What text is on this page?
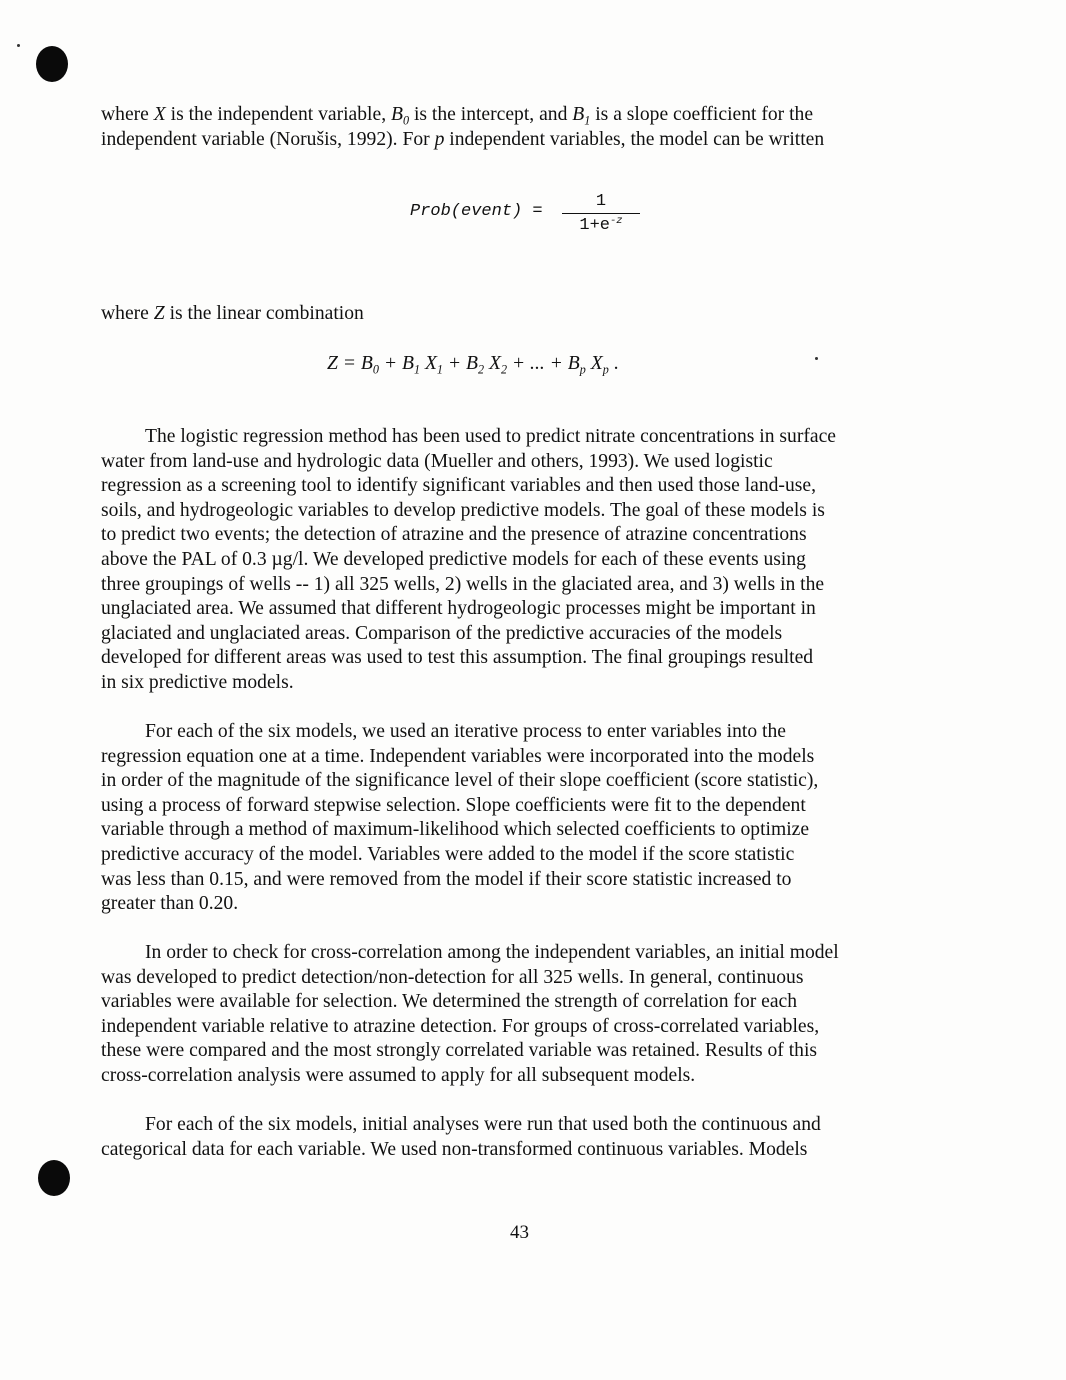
where X is the independent variable, $B_0$ is the intercept, and $B_1$ is a slope coefficient for the
independent variable (Norušis, 1992). For p independent variables, the model can be written

Prob(event) =
1
$1+e^{-z}$

where Z is the linear combination

$Z = B_0 + B_1$ $X_1 + B_2$ $X_2$ + ... + $B_p$ $X_p$ .

The logistic regression method has been used to predict nitrate concentrations in surface
water from land-use and hydrologic data (Mueller and others, 1993). We used logistic
regression as a screening tool to identify significant variables and then used those land-use,
soils, and hydrogeologic variables to develop predictive models. The goal of these models is
to predict two events; the detection of atrazine and the presence of atrazine concentrations
above the PAL of 0.3 µg/l. We developed predictive models for each of these events using
three groupings of wells -- 1) all 325 wells, 2) wells in the glaciated area, and 3) wells in the
unglaciated area. We assumed that different hydrogeologic processes might be important in
glaciated and unglaciated areas. Comparison of the predictive accuracies of the models
developed for different areas was used to test this assumption. The final groupings resulted
in six predictive models.

For each of the six models, we used an iterative process to enter variables into the
regression equation one at a time. Independent variables were incorporated into the models
in order of the magnitude of the significance level of their slope coefficient (score statistic),
using a process of forward stepwise selection. Slope coefficients were fit to the dependent
variable through a method of maximum-likelihood which selected coefficients to optimize
predictive accuracy of the model. Variables were added to the model if the score statistic
was less than 0.15, and were removed from the model if their score statistic increased to
greater than 0.20.

In order to check for cross-correlation among the independent variables, an initial model
was developed to predict detection/non-detection for all 325 wells. In general, continuous
variables were available for selection. We determined the strength of correlation for each
independent variable relative to atrazine detection. For groups of cross-correlated variables,
these were compared and the most strongly correlated variable was retained. Results of this
cross-correlation analysis were assumed to apply for all subsequent models.

For each of the six models, initial analyses were run that used both the continuous and
categorical data for each variable. We used non-transformed continuous variables. Models

43
